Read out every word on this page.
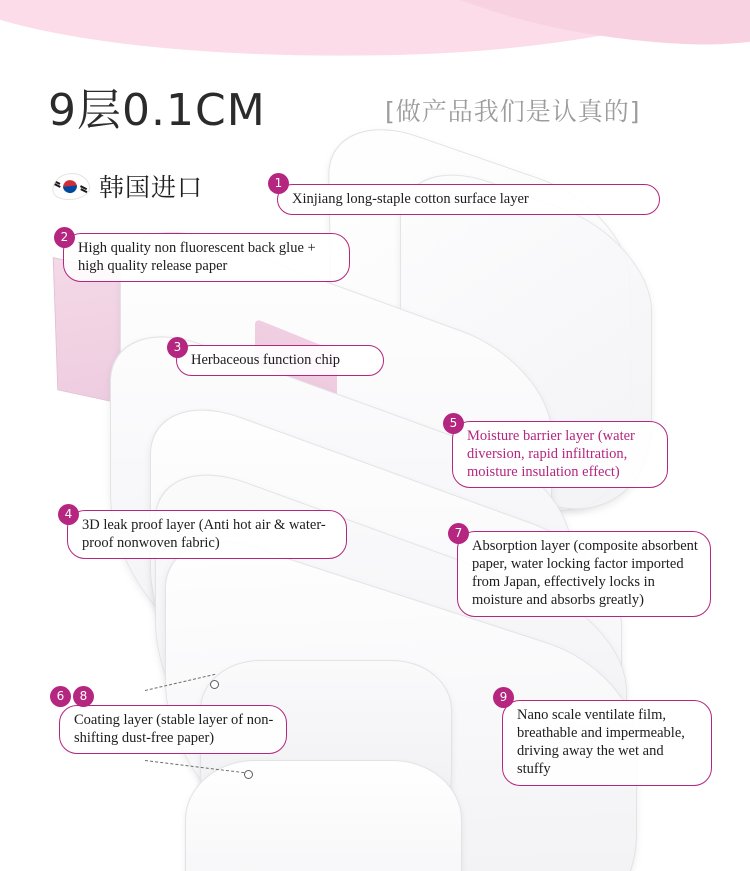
9层0.1CM	[做产品我们是认真的]
韩国进口	1
Xinjiang long-staple cotton surface layer
2
High quality non fluorescent back glue + high quality release paper
3
Herbaceous function chip
5
Moisture barrier layer (water diversion, rapid infiltration, moisture insulation effect)
4
3D leak proof layer (Anti hot air & water-proof nonwoven fabric)
7
Absorption layer (composite absorbent paper, water locking factor imported from Japan, effectively locks in moisture and absorbs greatly)
6	8
Coating layer (stable layer of non-shifting dust-free paper)
9
Nano scale ventilate film, breathable and impermeable, driving away the wet and stuffy
